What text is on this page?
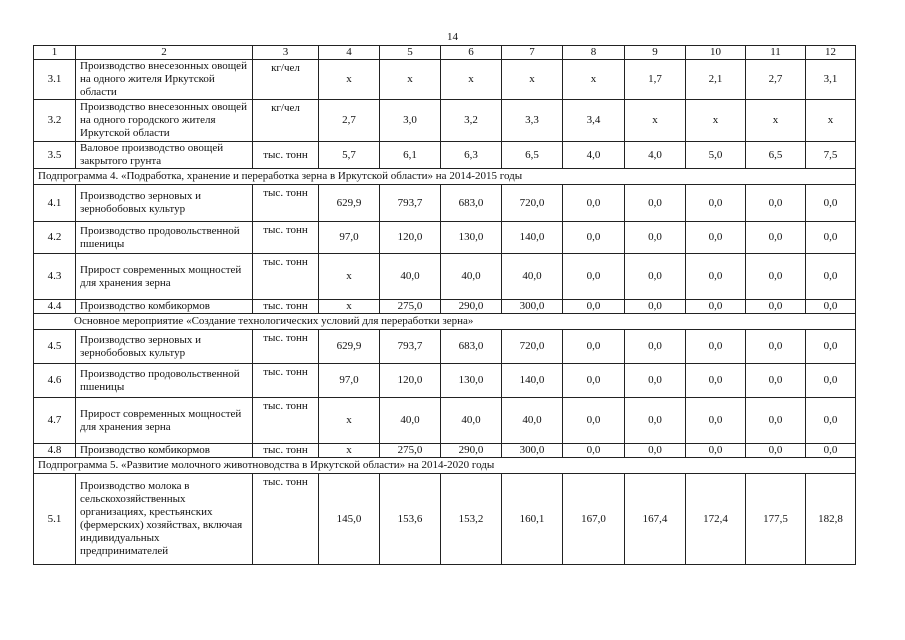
14
1	2	3	4	5	6	7	8	9	10	11	12
3.1	Производство внесезонных овощей на одного жителя Иркутской области	кг/чел	х	х	х	х	х	1,7	2,1	2,7	3,1
3.2	Производство внесезонных овощей на одного городского жителя Иркутской области	кг/чел	2,7	3,0	3,2	3,3	3,4	х	х	х	х
3.5	Валовое производство овощей закрытого грунта	тыс. тонн	5,7	6,1	6,3	6,5	4,0	4,0	5,0	6,5	7,5
Подпрограмма 4. «Подработка, хранение и переработка зерна в Иркутской области» на 2014-2015 годы											
4.1	Производство зерновых и зернобобовых культур	тыс. тонн	629,9	793,7	683,0	720,0	0,0	0,0	0,0	0,0	0,0
4.2	Производство продовольственной пшеницы	тыс. тонн	97,0	120,0	130,0	140,0	0,0	0,0	0,0	0,0	0,0
4.3	Прирост современных мощностей для хранения зерна	тыс. тонн	х	40,0	40,0	40,0	0,0	0,0	0,0	0,0	0,0
4.4	Производство комбикормов	тыс. тонн	х	275,0	290,0	300,0	0,0	0,0	0,0	0,0	0,0
Основное мероприятие «Создание технологических условий для переработки зерна»											
4.5	Производство зерновых и зернобобовых культур	тыс. тонн	629,9	793,7	683,0	720,0	0,0	0,0	0,0	0,0	0,0
4.6	Производство продовольственной пшеницы	тыс. тонн	97,0	120,0	130,0	140,0	0,0	0,0	0,0	0,0	0,0
4.7	Прирост современных мощностей для хранения зерна	тыс. тонн	х	40,0	40,0	40,0	0,0	0,0	0,0	0,0	0,0
4.8	Производство комбикормов	тыс. тонн	х	275,0	290,0	300,0	0,0	0,0	0,0	0,0	0,0
Подпрограмма 5. «Развитие молочного животноводства в Иркутской области» на 2014-2020 годы											
5.1	Производство молока в сельскохозяйственных организациях, крестьянских (фермерских) хозяйствах, включая индивидуальных предпринимателей	тыс. тонн	145,0	153,6	153,2	160,1	167,0	167,4	172,4	177,5	182,8
